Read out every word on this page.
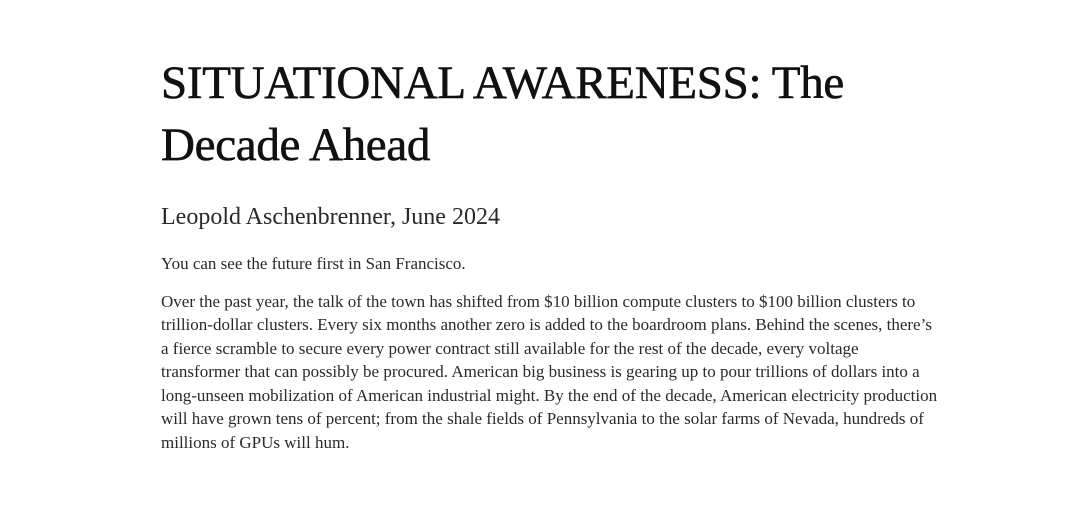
SITUATIONAL AWARENESS: The Decade Ahead
Leopold Aschenbrenner, June 2024

You can see the future first in San Francisco.

Over the past year, the talk of the town has shifted from $10 billion compute clusters to $100 billion clusters to trillion-dollar clusters. Every six months another zero is added to the boardroom plans. Behind the scenes, there’s a fierce scramble to secure every power contract still available for the rest of the decade, every voltage transformer that can possibly be procured. American big business is gearing up to pour trillions of dollars into a long-unseen mobilization of American industrial might. By the end of the decade, American electricity production will have grown tens of percent; from the shale fields of Pennsylvania to the solar farms of Nevada, hundreds of millions of GPUs will hum.
